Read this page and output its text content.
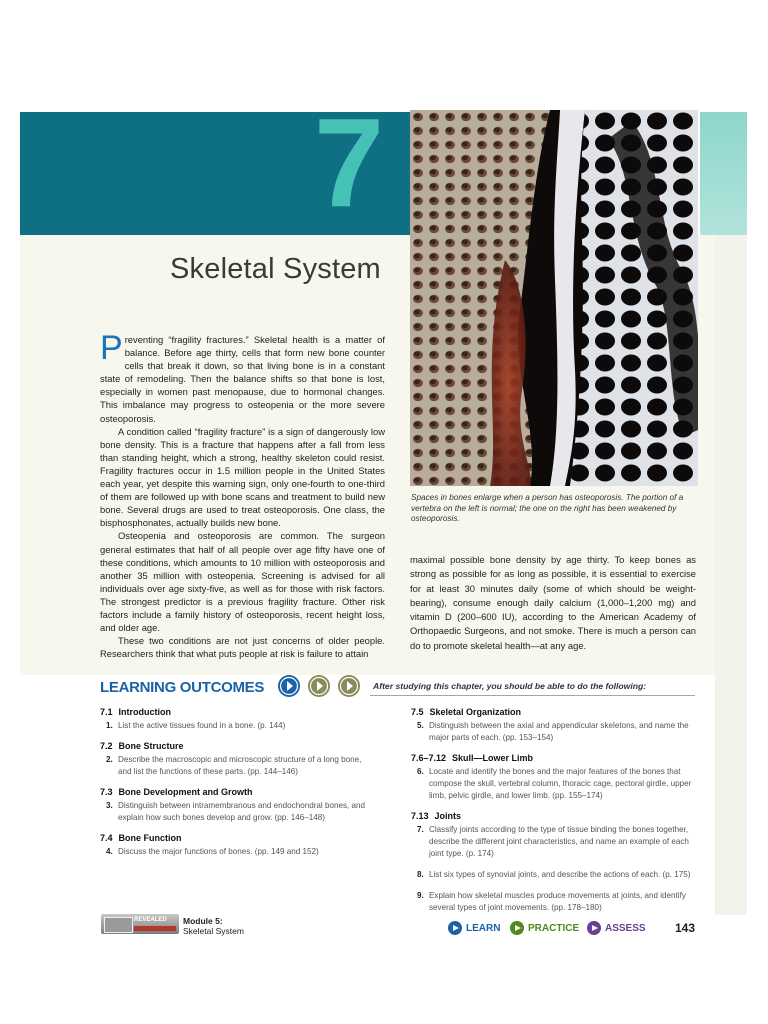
7
Skeletal System
Spaces in bones enlarge when a person has osteoporosis. The portion of a vertebra on the left is normal; the one on the right has been weakened by osteoporosis.

Preventing “fragility fractures.” Skeletal health is a matter of balance. Before age thirty, cells that form new bone counter cells that break it down, so that living bone is in a constant state of remodeling. Then the balance shifts so that bone is lost, especially in women past menopause, due to hormonal changes. This imbalance may progress to osteopenia or the more severe osteoporosis.

A condition called “fragility fracture” is a sign of dangerously low bone density. This is a fracture that happens after a fall from less than standing height, which a strong, healthy skeleton could resist. Fragility fractures occur in 1.5 million people in the United States each year, yet despite this warning sign, only one-fourth to one-third of them are followed up with bone scans and treatment to build new bone. Several drugs are used to treat osteoporosis. One class, the bisphosphonates, actually builds new bone.

Osteopenia and osteoporosis are common. The surgeon general estimates that half of all people over age fifty have one of these conditions, which amounts to 10 million with osteoporosis and another 35 million with osteopenia. Screening is advised for all individuals over age sixty-five, as well as for those with risk factors. The strongest predictor is a previous fragility fracture. Other risk factors include a family history of osteoporosis, recent height loss, and older age.

These two conditions are not just concerns of older people. Researchers think that what puts people at risk is failure to attain

maximal possible bone density by age thirty. To keep bones as strong as possible for as long as possible, it is essential to exercise for at least 30 minutes daily (some of which should be weight-bearing), consume enough daily calcium (1,000–1,200 mg) and vitamin D (200–600 IU), according to the American Academy of Orthopaedic Surgeons, and not smoke. There is much a person can do to promote skeletal health—at any age.

LEARNING OUTCOMES	After studying this chapter, you should be able to do the following:
7.1 Introduction
1. List the active tissues found in a bone. (p. 144)
7.2 Bone Structure
2. Describe the macroscopic and microscopic structure of a long bone, and list the functions of these parts. (pp. 144–146)
7.3 Bone Development and Growth
3. Distinguish between intramembranous and endochondral bones, and explain how such bones develop and grow. (pp. 146–148)
7.4 Bone Function
4. Discuss the major functions of bones. (pp. 149 and 152)
7.5 Skeletal Organization
5. Distinguish between the axial and appendicular skeletons, and name the major parts of each. (pp. 153–154)
7.6–7.12 Skull—Lower Limb
6. Locate and identify the bones and the major features of the bones that compose the skull, vertebral column, thoracic cage, pectoral girdle, upper limb, pelvic girdle, and lower limb. (pp. 155–174)
7.13 Joints
7. Classify joints according to the type of tissue binding the bones together, describe the different joint characteristics, and name an example of each joint type. (p. 174)
8. List six types of synovial joints, and describe the actions of each. (p. 175)
9. Explain how skeletal muscles produce movements at joints, and identify several types of joint movements. (pp. 178–180)
REVEALED Module 5:
Skeletal System	LEARN	PRACTICE	ASSESS 143
